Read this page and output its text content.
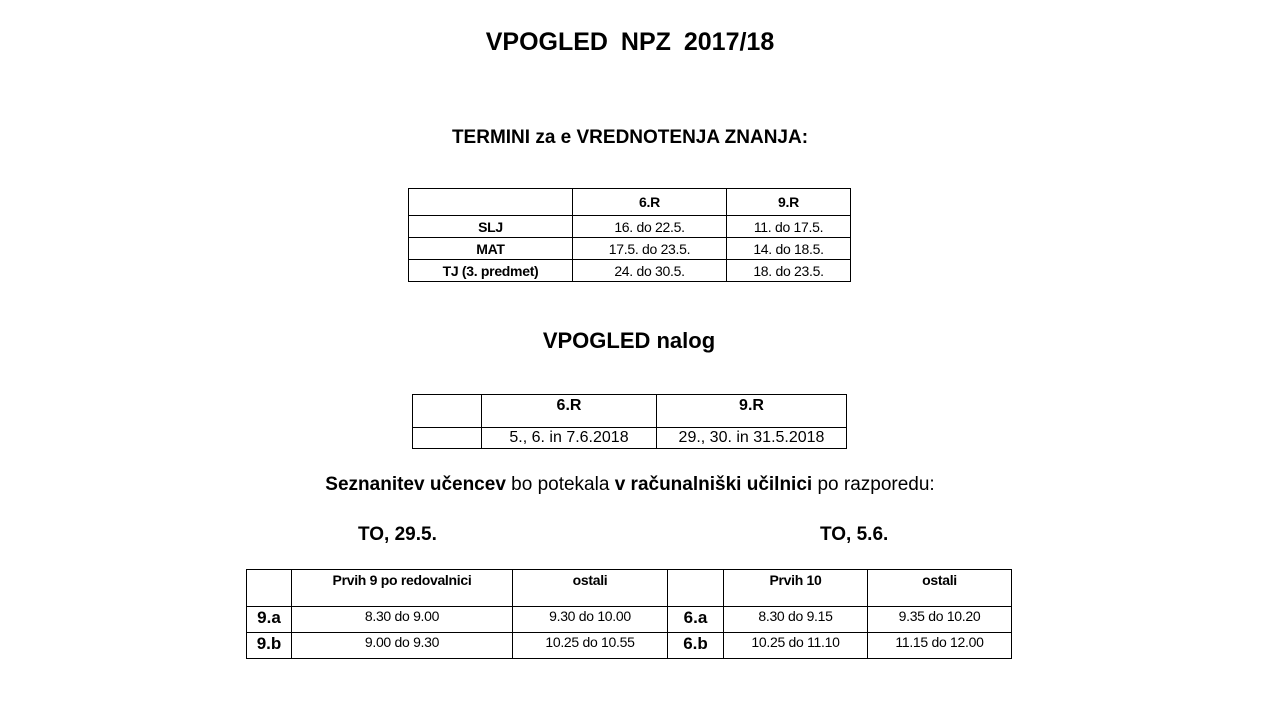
VPOGLED NPZ 2017/18
TERMINI za e VREDNOTENJA ZNANJA:
	6.R	9.R
SLJ	16. do 22.5.	11. do 17.5.
MAT	17.5. do 23.5.	14. do 18.5.
TJ (3. predmet)	24. do 30.5.	18. do 23.5.
VPOGLED nalog
	6.R	9.R
	5., 6. in 7.6.2018	29., 30. in 31.5.2018
Seznanitev učencev bo potekala v računalniški učilnici po razporedu:
TO, 29.5.	TO, 5.6.
	Prvih 9 po redovalnici	ostali		Prvih 10	ostali
9.a	8.30 do 9.00	9.30 do 10.00	6.a	8.30 do 9.15	9.35 do 10.20
9.b	9.00 do 9.30	10.25 do 10.55	6.b	10.25 do 11.10	11.15 do 12.00
